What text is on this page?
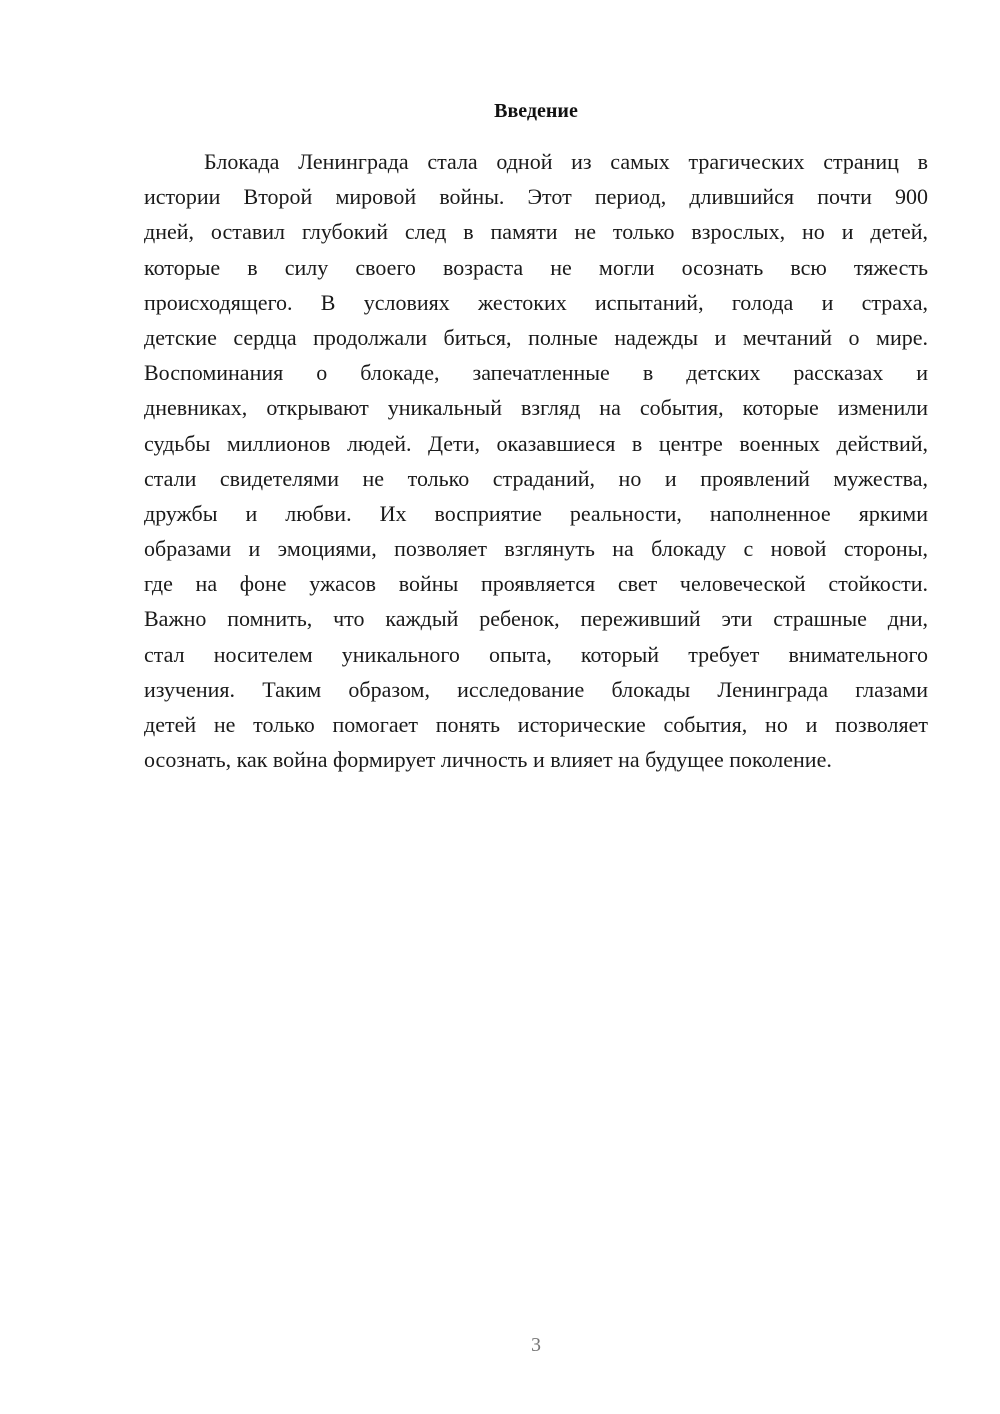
Введение
Блокада Ленинграда стала одной из самых трагических страниц в
истории Второй мировой войны. Этот период, длившийся почти 900
дней, оставил глубокий след в памяти не только взрослых, но и детей,
которые в силу своего возраста не могли осознать всю тяжесть
происходящего. В условиях жестоких испытаний, голода и страха,
детские сердца продолжали биться, полные надежды и мечтаний о мире.
Воспоминания о блокаде, запечатленные в детских рассказах и
дневниках, открывают уникальный взгляд на события, которые изменили
судьбы миллионов людей. Дети, оказавшиеся в центре военных действий,
стали свидетелями не только страданий, но и проявлений мужества,
дружбы и любви. Их восприятие реальности, наполненное яркими
образами и эмоциями, позволяет взглянуть на блокаду с новой стороны,
где на фоне ужасов войны проявляется свет человеческой стойкости.
Важно помнить, что каждый ребенок, переживший эти страшные дни,
стал носителем уникального опыта, который требует внимательного
изучения. Таким образом, исследование блокады Ленинграда глазами
детей не только помогает понять исторические события, но и позволяет
осознать, как война формирует личность и влияет на будущее поколение.
3
